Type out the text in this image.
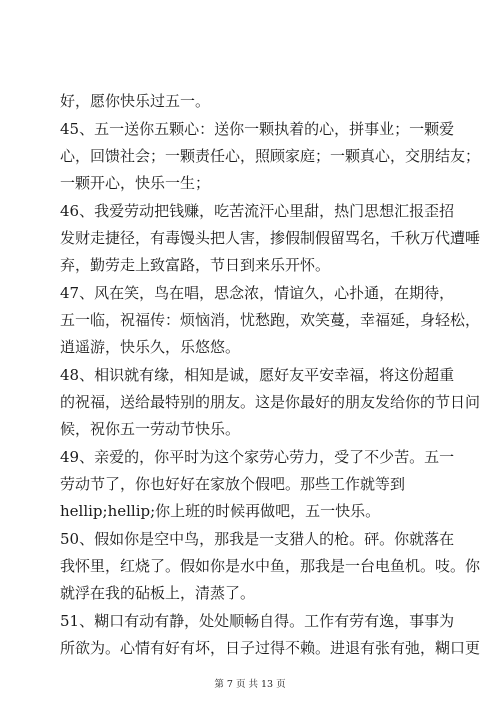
好，愿你快乐过五一。
45、五一送你五颗心：送你一颗执着的心，拼事业；一颗爱
心，回馈社会；一颗责任心，照顾家庭；一颗真心，交朋结友；
一颗开心，快乐一生；
46、我爱劳动把钱赚，吃苦流汗心里甜，热门思想汇报歪招
发财走捷径，有毒馒头把人害，掺假制假留骂名，千秋万代遭唾
弃，勤劳走上致富路，节日到来乐开怀。
47、风在笑，鸟在唱，思念浓，情谊久，心扑通，在期待，
五一临，祝福传：烦恼消，忧愁跑，欢笑蔓，幸福延，身轻松，
逍遥游，快乐久，乐悠悠。
48、相识就有缘，相知是诚，愿好友平安幸福，将这份超重
的祝福，送给最特别的朋友。这是你最好的朋友发给你的节日问
候，祝你五一劳动节快乐。
49、亲爱的，你平时为这个家劳心劳力，受了不少苦。五一
劳动节了，你也好好在家放个假吧。那些工作就等到
hellip;hellip;你上班的时候再做吧，五一快乐。
50、假如你是空中鸟，那我是一支猎人的枪。砰。你就落在
我怀里，红烧了。假如你是水中鱼，那我是一台电鱼机。吱。你
就浮在我的砧板上，清蒸了。
51、糊口有动有静，处处顺畅自得。工作有劳有逸，事事为
所欲为。心情有好有坏，日子过得不赖。进退有张有弛，糊口更
第 7 页 共 13 页
